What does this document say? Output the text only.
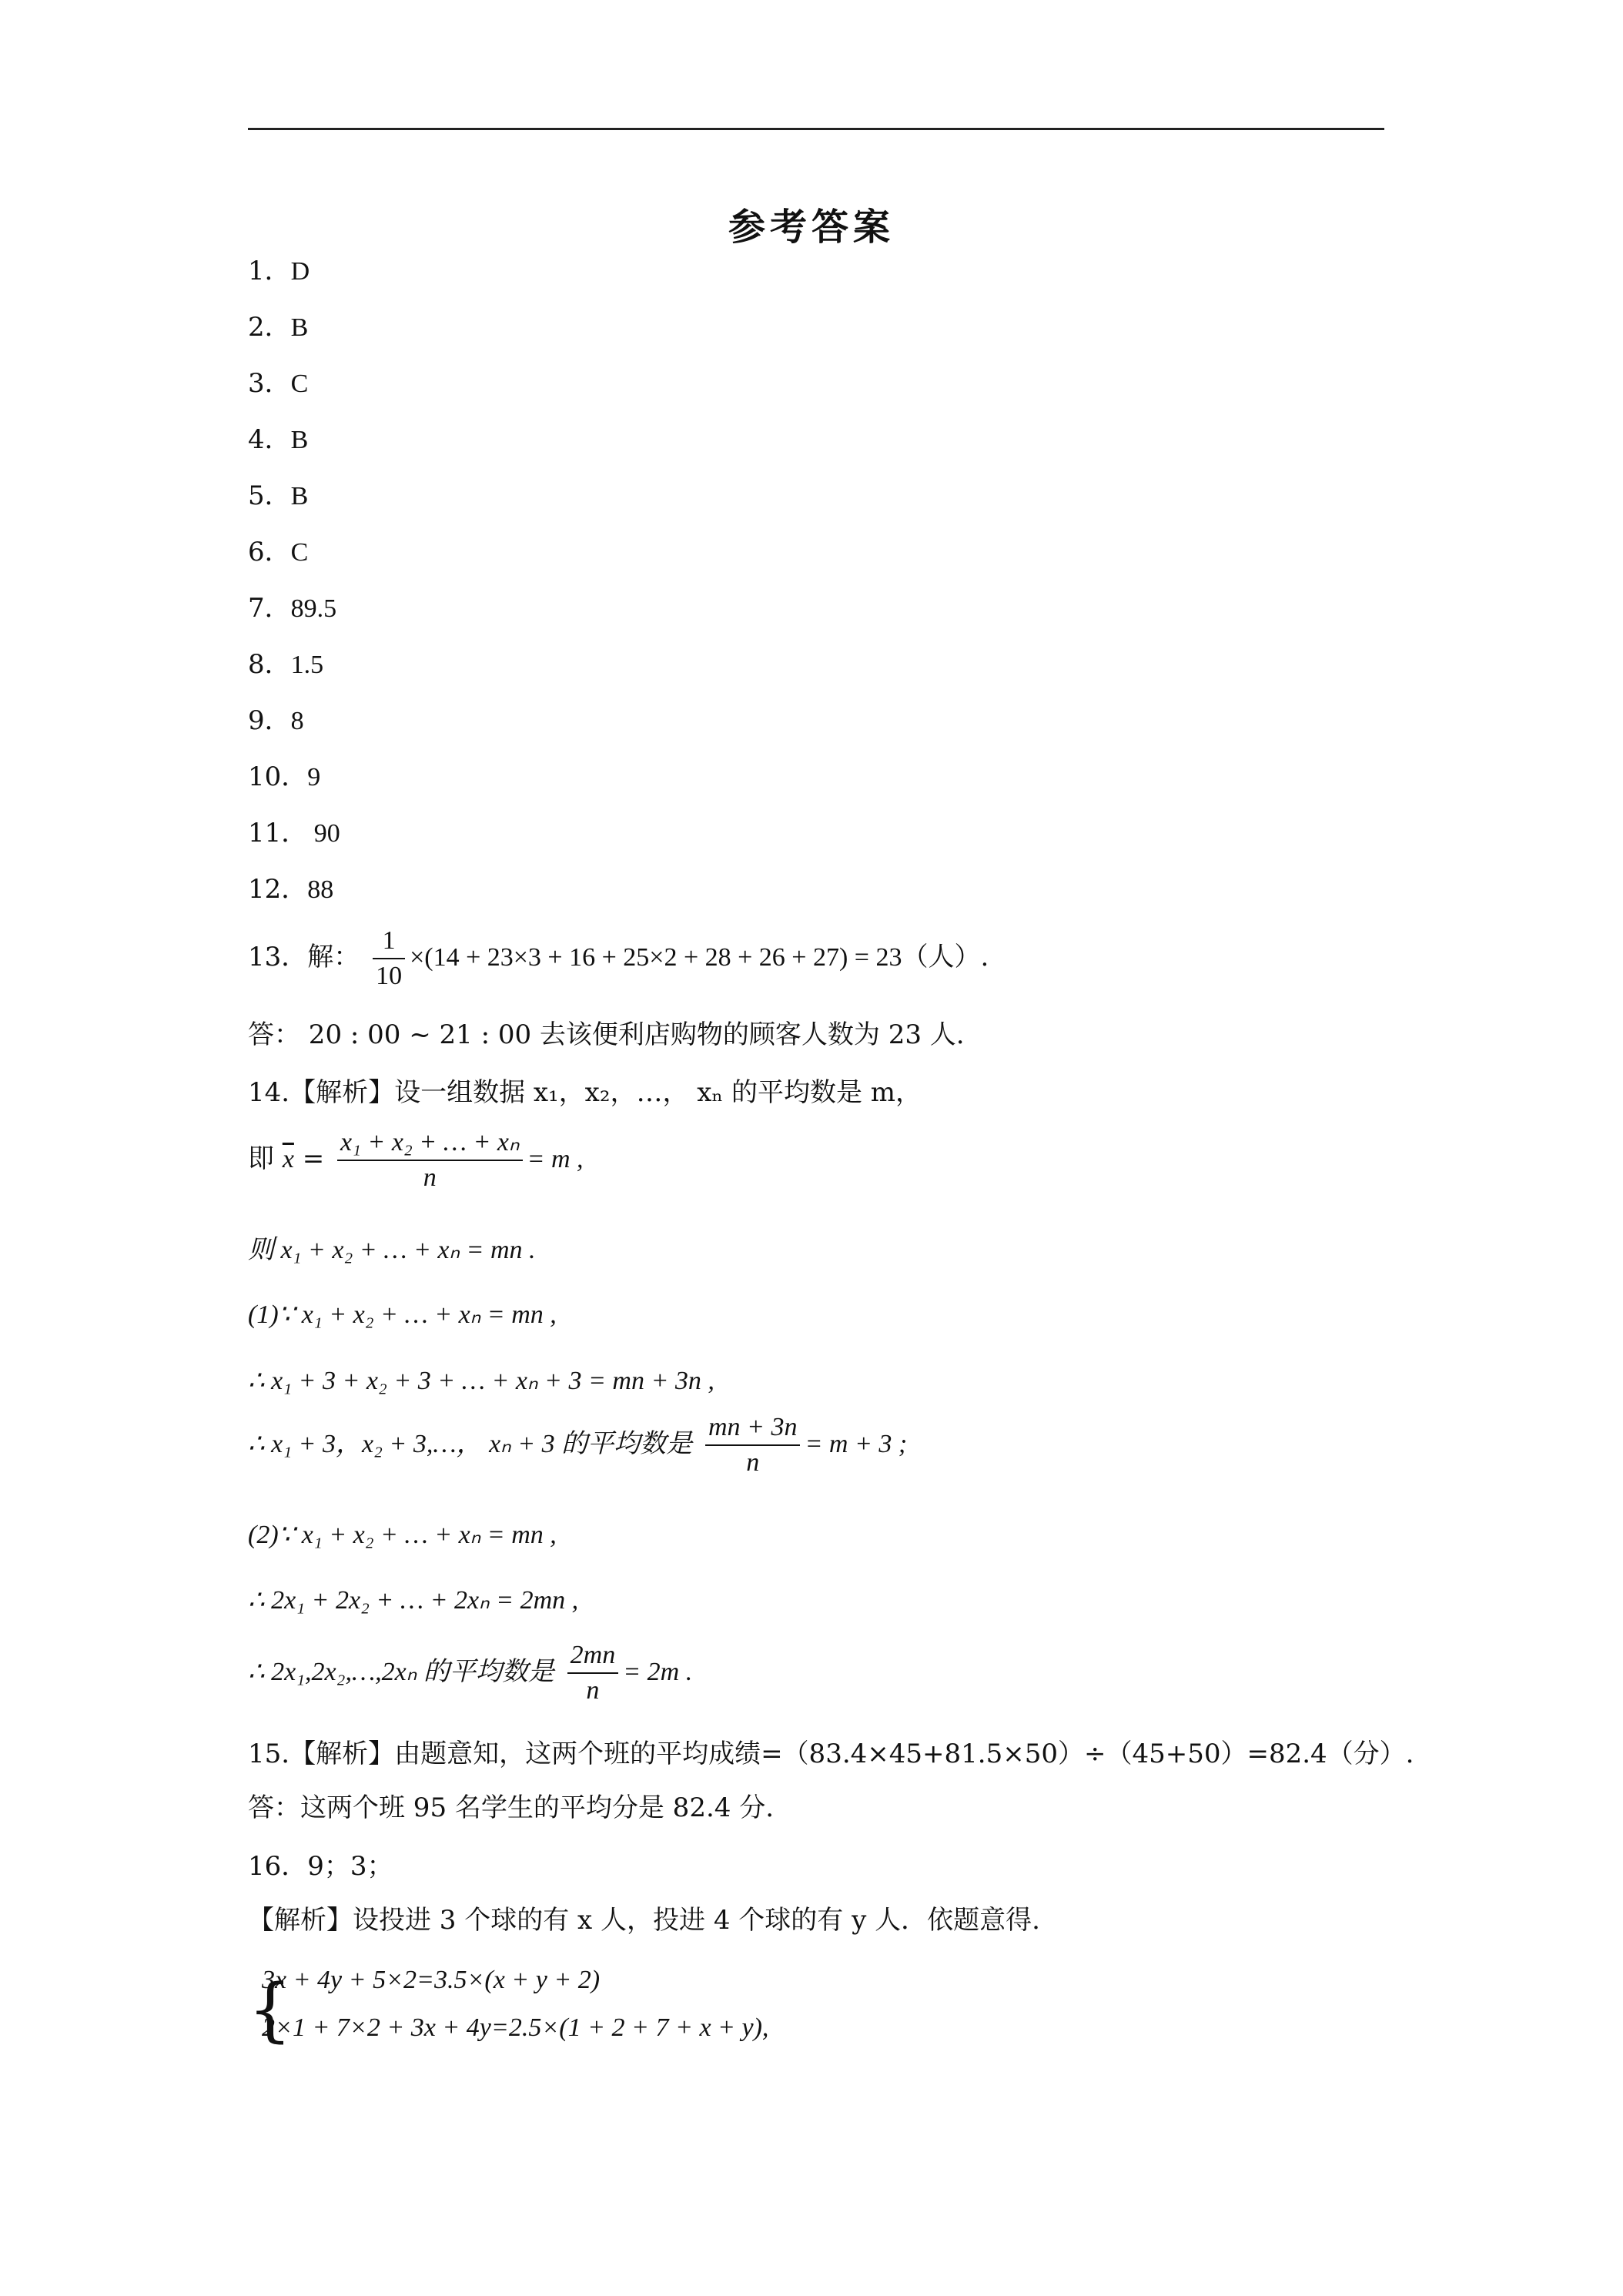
参考答案
1．D
2．B
3．C
4．B
5．B
6．C
7．89.5
8．1.5
9．8
10．9
11． 90
12．88
13．解： $\frac{1}{10} \times(14 + 23\times 3 + 16 + 25\times 2 + 28 + 26 + 27) = 23$（人）.
答： 20 : 00 ~ 21 : 00 去该便利店购物的顾客人数为 23 人.
14.【解析】设一组数据 x₁，x₂，…， xₙ 的平均数是 m，
即 $\overline{x} = \frac{\text{x₁ + x₂ + … + xₙ}}{n} = m$ ,
则 x₁ + x₂ + … + xₙ = mn .
(1)∵ x₁ + x₂ + … + xₙ = mn ,
∴ x₁ + 3 + x₂ + 3 + … + xₙ + 3 = mn + 3n ,
∴ x₁ + 3，x₂ + 3,…， xₙ + 3 的平均数是 $\frac{mn + 3n}{n} = m + 3$ ;
(2)∵ x₁ + x₂ + … + xₙ = mn ,
∴ 2x₁ + 2x₂ + … + 2xₙ = 2mn ,
∴ 2x₁,2x₂,…,2xₙ 的平均数是 $\frac{2mn}{n} = 2m$ .
15.【解析】由题意知，这两个班的平均成绩=（83.4×45+81.5×50）÷（45+50）=82.4（分）.
答：这两个班 95 名学生的平均分是 82.4 分.
16．9；3；
【解析】设投进 3 个球的有 x 人，投进 4 个球的有 y 人．依题意得.
{
3x + 4y + 5×2=3.5×(x + y + 2)
2×1 + 7×2 + 3x + 4y=2.5×(1 + 2 + 7 + x + y),
